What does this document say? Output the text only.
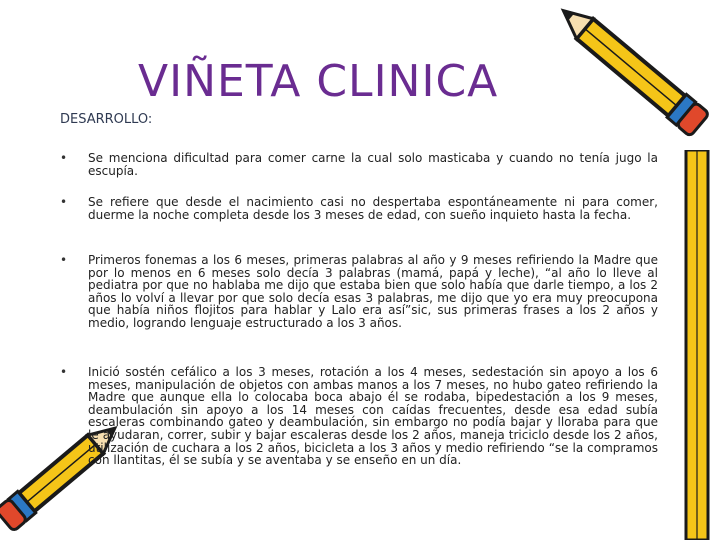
VIÑETA CLINICA
DESARROLLO:
• Se menciona dificultad para comer carne la cual solo masticaba y cuando no tenía jugo la escupía.

• Se refiere que desde el nacimiento casi no despertaba espontáneamente ni para comer, duerme la noche completa desde los 3 meses de edad, con sueño inquieto hasta la fecha.

• Primeros fonemas a los 6 meses, primeras palabras al año y 9 meses refiriendo la Madre que por lo menos en 6 meses solo decía 3 palabras (mamá, papá y leche), “al año lo lleve al pediatra por que no hablaba me dijo que estaba bien que solo había que darle tiempo, a los 2 años lo volví a llevar por que solo decía esas 3 palabras, me dijo que yo era muy preocupona que había niños flojitos para hablar y Lalo era así”sic, sus primeras frases a los 2 años y medio, logrando lenguaje estructurado a los 3 años.

• Inició sostén cefálico a los 3 meses, rotación a los 4 meses, sedestación sin apoyo a los 6 meses, manipulación de objetos con ambas manos a los 7 meses, no hubo gateo refiriendo la Madre que aunque ella lo colocaba boca abajo él se rodaba, bipedestación a los 9 meses, deambulación sin apoyo a los 14 meses con caídas frecuentes, desde esa edad subía escaleras combinando gateo y deambulación, sin embargo no podía bajar y lloraba para que le ayudaran, correr, subir y bajar escaleras desde los 2 años, maneja triciclo desde los 2 años, utilización de cuchara a los 2 años, bicicleta a los 3 años y medio refiriendo “se la compramos con llantitas, él se subía y se aventaba y se enseño en un día.
